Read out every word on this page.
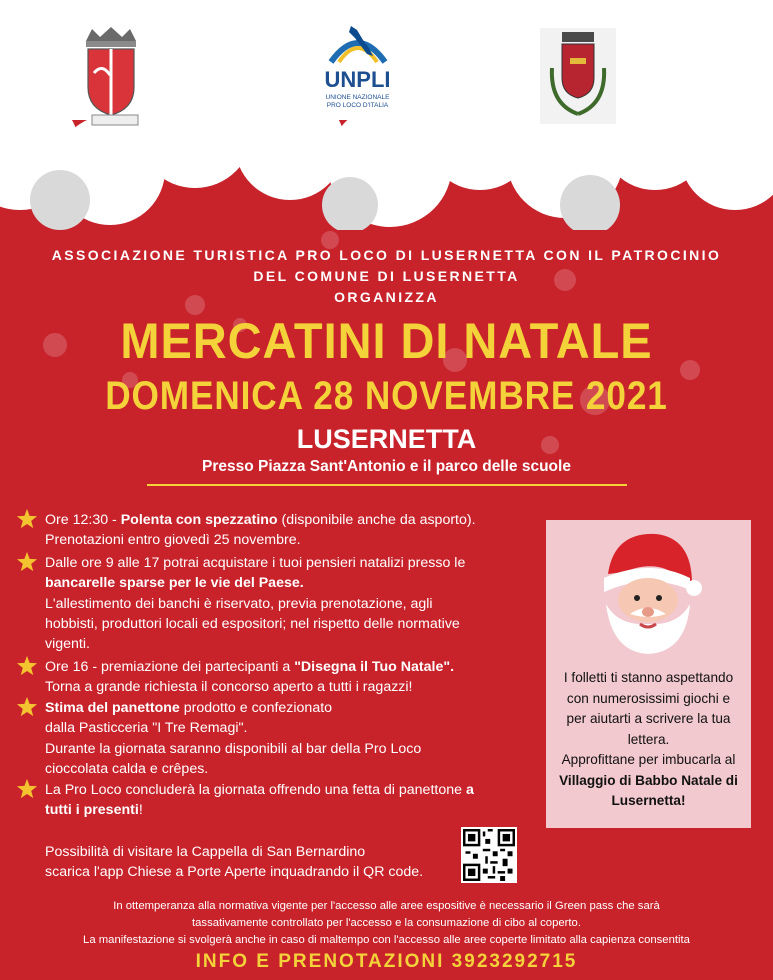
UNPLI
UNIONE NAZIONALE
PRO LOCO D'ITALIA
ASSOCIAZIONE TURISTICA PRO LOCO DI LUSERNETTA CON IL PATROCINIO
DEL COMUNE DI LUSERNETTA
ORGANIZZA
MERCATINI DI NATALE
DOMENICA 28 NOVEMBRE 2021
LUSERNETTA
Presso Piazza Sant'Antonio e il parco delle scuole
Ore 12:30 - Polenta con spezzatino (disponibile anche da asporto).
Prenotazioni entro giovedì 25 novembre.
Dalle ore 9 alle 17 potrai acquistare i tuoi pensieri natalizi presso le
bancarelle sparse per le vie del Paese.
L'allestimento dei banchi è riservato, previa prenotazione, agli
hobbisti, produttori locali ed espositori; nel rispetto delle normative
vigenti.
Ore 16 - premiazione dei partecipanti a "Disegna il Tuo Natale".
Torna a grande richiesta il concorso aperto a tutti i ragazzi!
Stima del panettone prodotto e confezionato
dalla Pasticceria "I Tre Remagi".
Durante la giornata saranno disponibili al bar della Pro Loco
cioccolata calda e crêpes.
La Pro Loco concluderà la giornata offrendo una fetta di panettone a
tutti i presenti!
Possibilità di visitare la Cappella di San Bernardino
scarica l'app Chiese a Porte Aperte inquadrando il QR code.
I folletti ti stanno aspettando
con numerosissimi giochi e
per aiutarti a scrivere la tua
lettera.
Approfittane per imbucarla al
Villaggio di Babbo Natale di
Lusernetta!
In ottemperanza alla normativa vigente per l'accesso alle aree espositive è necessario il Green pass che sarà
tassativamente controllato per l'accesso e la consumazione di cibo al coperto.
La manifestazione si svolgerà anche in caso di maltempo con l'accesso alle aree coperte limitato alla capienza consentita
INFO E PRENOTAZIONI 3923292715
